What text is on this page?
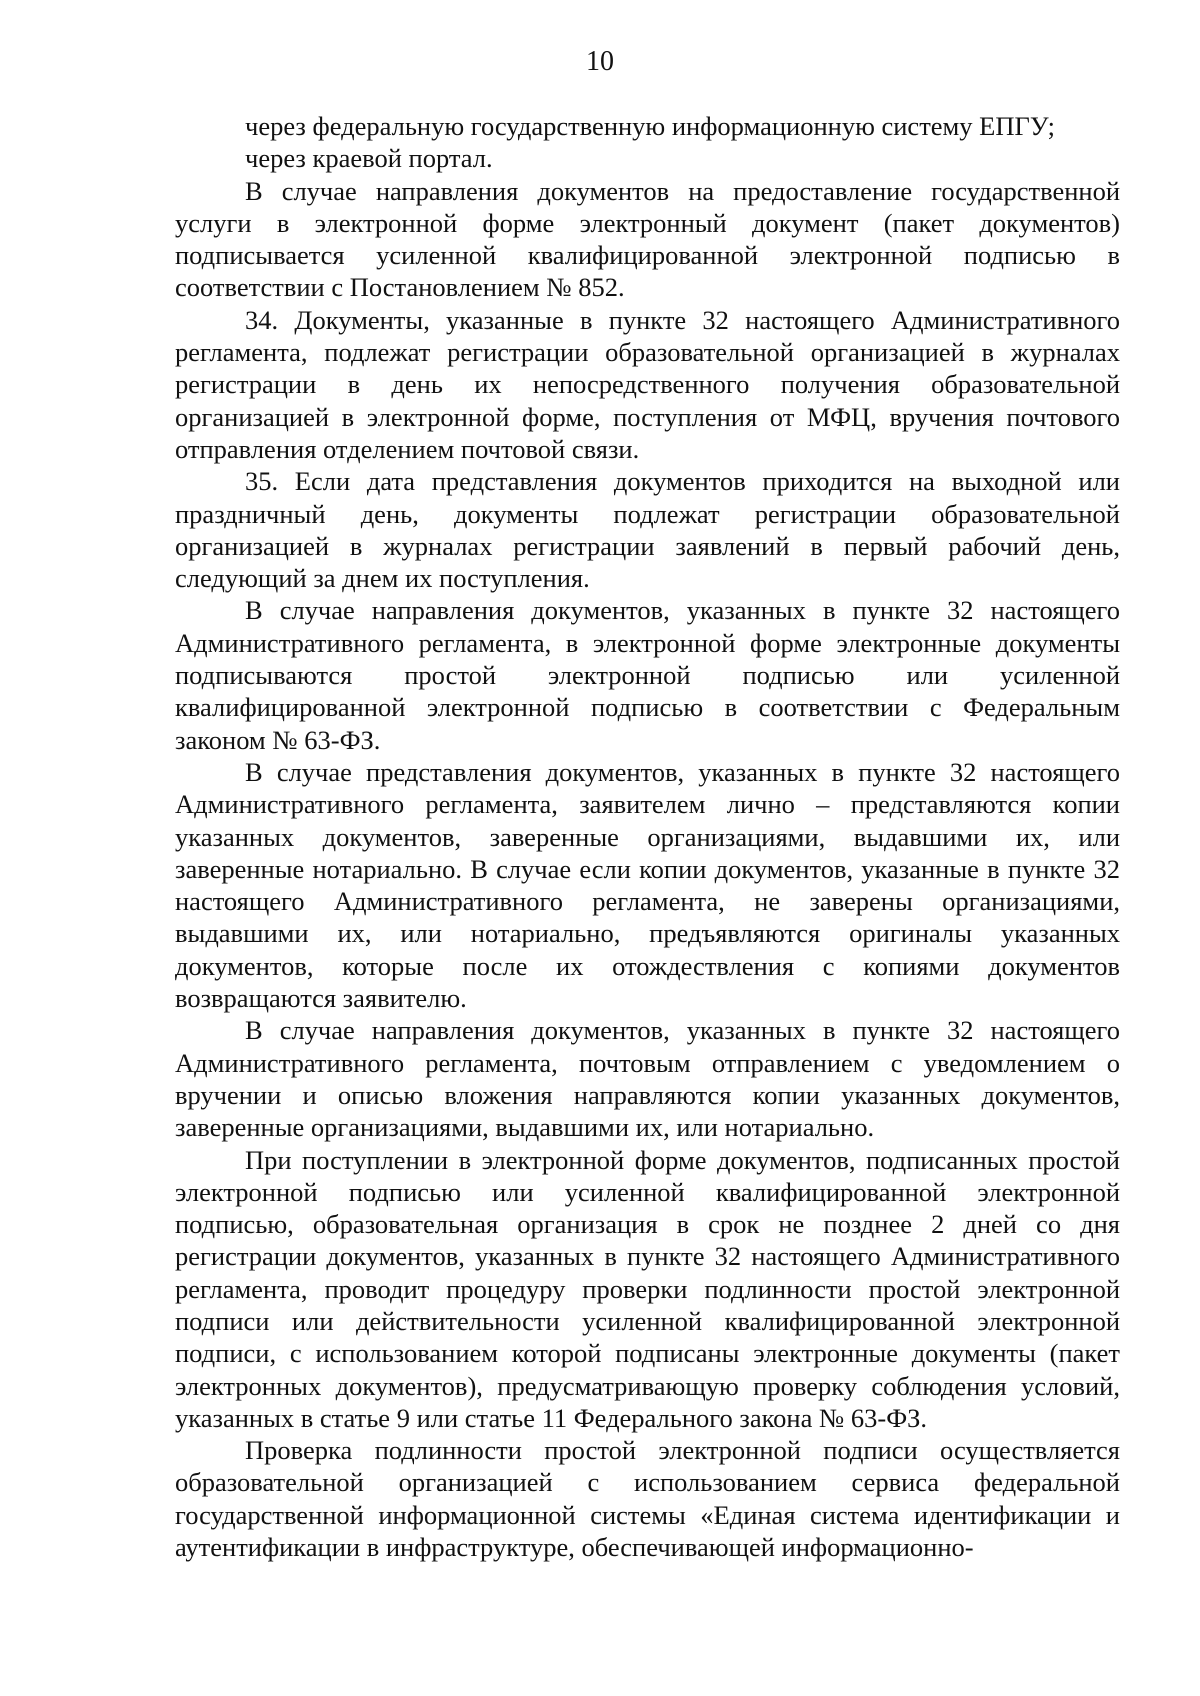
10

через федеральную государственную информационную систему ЕПГУ;

через краевой портал.

В случае направления документов на предоставление государственной услуги в электронной форме электронный документ (пакет документов) подписывается усиленной квалифицированной электронной подписью в соответствии с Постановлением № 852.

34. Документы, указанные в пункте 32 настоящего Административного регламента, подлежат регистрации образовательной организацией в журналах регистрации в день их непосредственного получения образовательной организацией в электронной форме, поступления от МФЦ, вручения почтового отправления отделением почтовой связи.

35. Если дата представления документов приходится на выходной или праздничный день, документы подлежат регистрации образовательной организацией в журналах регистрации заявлений в первый рабочий день, следующий за днем их поступления.

В случае направления документов, указанных в пункте 32 настоящего Административного регламента, в электронной форме электронные документы подписываются простой электронной подписью или усиленной квалифицированной электронной подписью в соответствии с Федеральным законом № 63-ФЗ.

В случае представления документов, указанных в пункте 32 настоящего Административного регламента, заявителем лично – представляются копии указанных документов, заверенные организациями, выдавшими их, или заверенные нотариально. В случае если копии документов, указанные в пункте 32 настоящего Административного регламента, не заверены организациями, выдавшими их, или нотариально, предъявляются оригиналы указанных документов, которые после их отождествления с копиями документов возвращаются заявителю.

В случае направления документов, указанных в пункте 32 настоящего Административного регламента, почтовым отправлением с уведомлением о вручении и описью вложения направляются копии указанных документов, заверенные организациями, выдавшими их, или нотариально.

При поступлении в электронной форме документов, подписанных простой электронной подписью или усиленной квалифицированной электронной подписью, образовательная организация в срок не позднее 2 дней со дня регистрации документов, указанных в пункте 32 настоящего Административного регламента, проводит процедуру проверки подлинности простой электронной подписи или действительности усиленной квалифицированной электронной подписи, с использованием которой подписаны электронные документы (пакет электронных документов), предусматривающую проверку соблюдения условий, указанных в статье 9 или статье 11 Федерального закона № 63-ФЗ.

Проверка подлинности простой электронной подписи осуществляется образовательной организацией с использованием сервиса федеральной государственной информационной системы «Единая система идентификации и аутентификации в инфраструктуре, обеспечивающей информационно-
